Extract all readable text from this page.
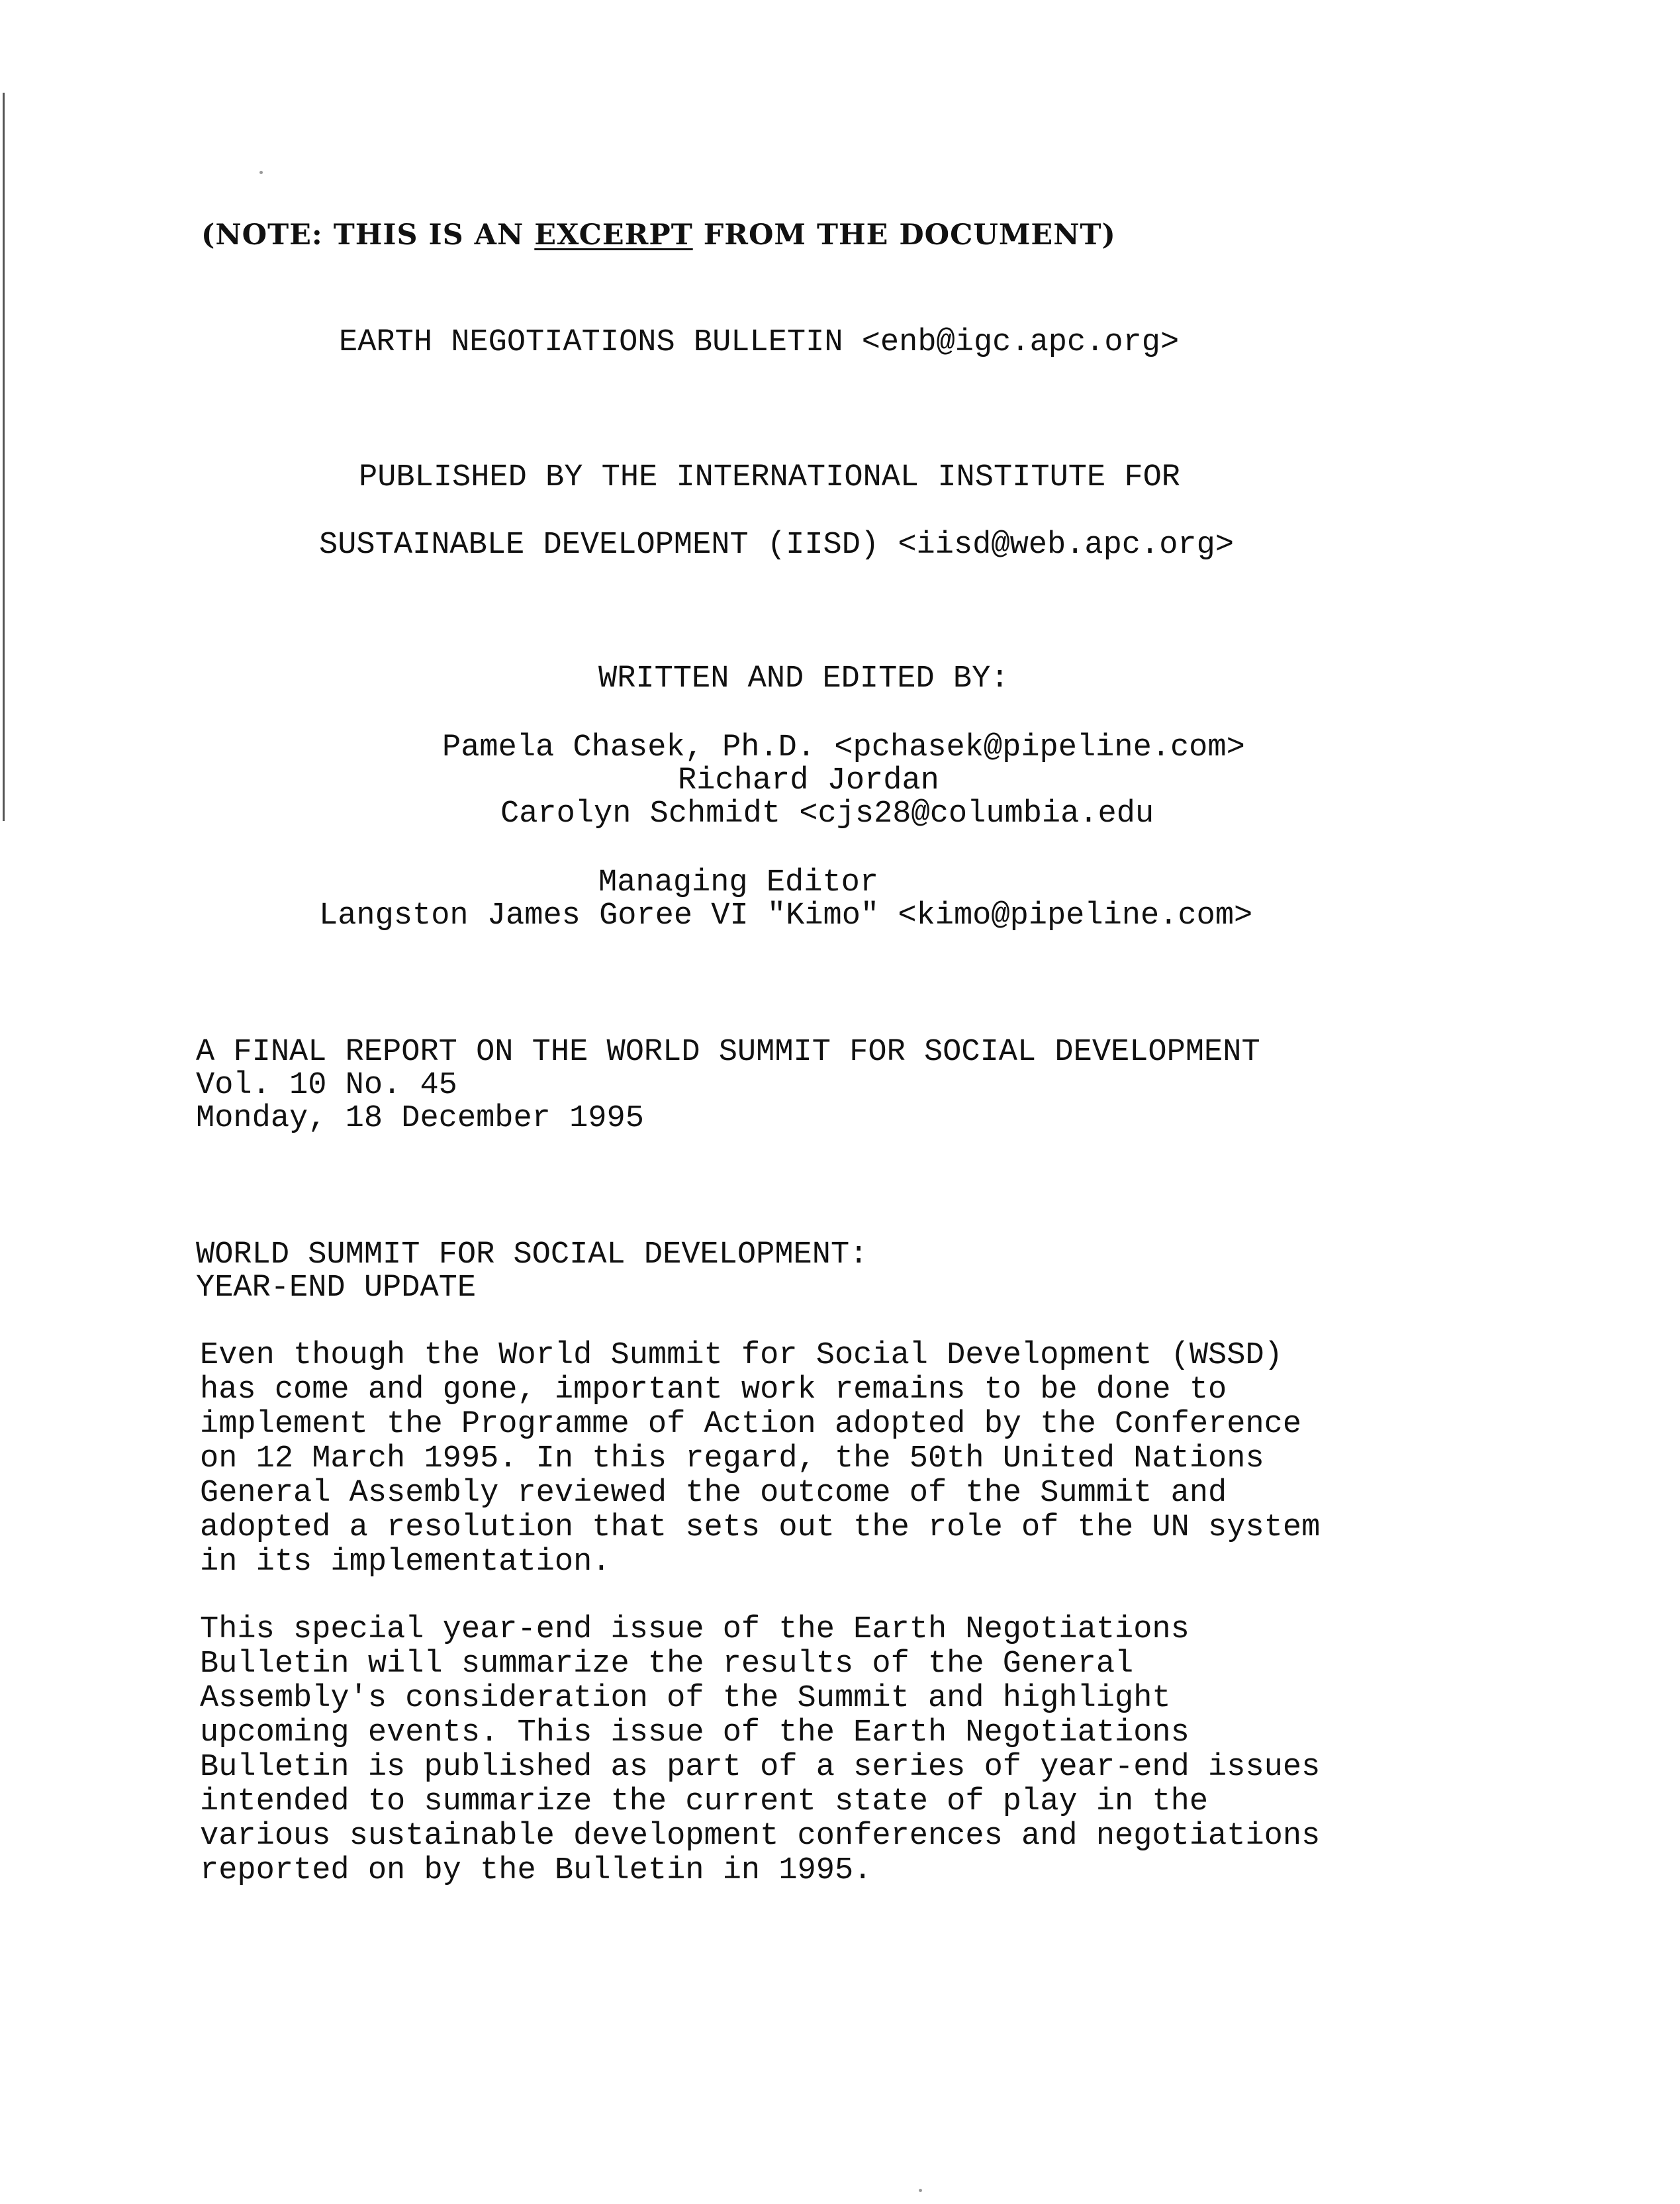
(NOTE: THIS IS AN EXCERPT FROM THE DOCUMENT)
EARTH NEGOTIATIONS BULLETIN <enb@igc.apc.org>
PUBLISHED BY THE INTERNATIONAL INSTITUTE FOR
SUSTAINABLE DEVELOPMENT (IISD) <iisd@web.apc.org>
WRITTEN AND EDITED BY:
Pamela Chasek, Ph.D. <pchasek@pipeline.com>
Richard Jordan
Carolyn Schmidt <cjs28@columbia.edu
Managing Editor
Langston James Goree VI "Kimo" <kimo@pipeline.com>
A FINAL REPORT ON THE WORLD SUMMIT FOR SOCIAL DEVELOPMENT
Vol. 10 No. 45
Monday, 18 December 1995
WORLD SUMMIT FOR SOCIAL DEVELOPMENT:
YEAR-END UPDATE
Even though the World Summit for Social Development (WSSD)
has come and gone, important work remains to be done to
implement the Programme of Action adopted by the Conference
on 12 March 1995. In this regard, the 50th United Nations
General Assembly reviewed the outcome of the Summit and
adopted a resolution that sets out the role of the UN system
in its implementation.
This special year-end issue of the Earth Negotiations
Bulletin will summarize the results of the General
Assembly's consideration of the Summit and highlight
upcoming events. This issue of the Earth Negotiations
Bulletin is published as part of a series of year-end issues
intended to summarize the current state of play in the
various sustainable development conferences and negotiations
reported on by the Bulletin in 1995.
